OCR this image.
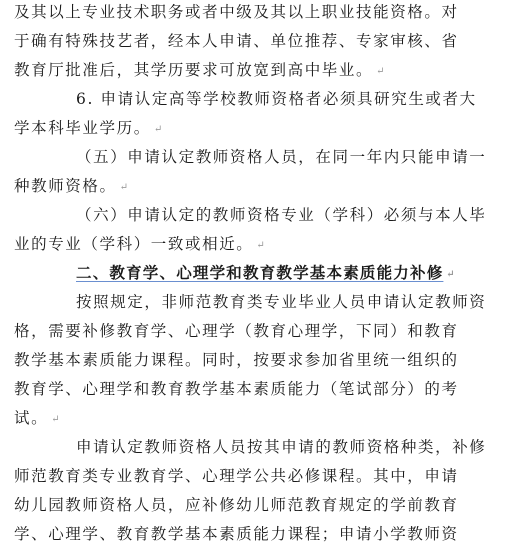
及其以上专业技术职务或者中级及其以上职业技能资格。对
于确有特殊技艺者，经本人申请、单位推荐、专家审核、省
教育厅批准后，其学历要求可放宽到高中毕业。 ↵
6. 申请认定高等学校教师资格者必须具研究生或者大
学本科毕业学历。 ↵
（五）申请认定教师资格人员，在同一年内只能申请一
种教师资格。 ↵
（六）申请认定的教师资格专业（学科）必须与本人毕
业的专业（学科）一致或相近。 ↵
二、教育学、心理学和教育教学基本素质能力补修 ↵
按照规定，非师范教育类专业毕业人员申请认定教师资
格，需要补修教育学、心理学（教育心理学，下同）和教育
教学基本素质能力课程。同时，按要求参加省里统一组织的
教育学、心理学和教育教学基本素质能力（笔试部分）的考
试。 ↵
申请认定教师资格人员按其申请的教师资格种类，补修
师范教育类专业教育学、心理学公共必修课程。其中，申请
幼儿园教师资格人员，应补修幼儿师范教育规定的学前教育
学、心理学、教育教学基本素质能力课程；申请小学教师资
